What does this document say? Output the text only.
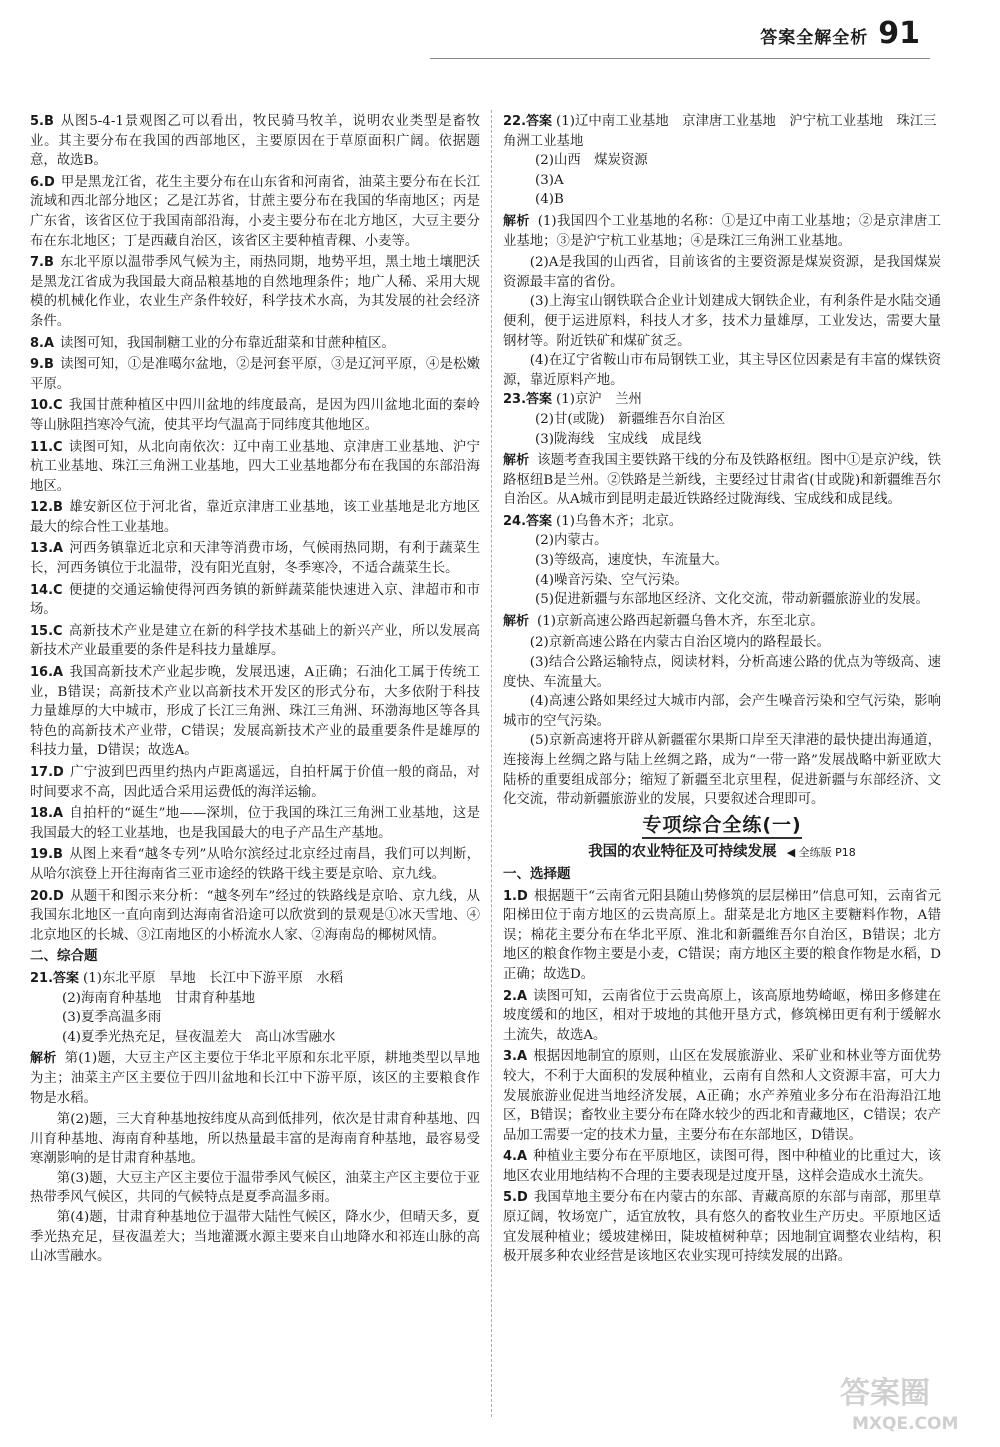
答案全解全析 91
5.B 从图5-4-1景观图乙可以看出，牧民骑马牧羊，说明农业类型是畜牧业。其主要分布在我国的西部地区，主要原因在于草原面积广阔。依据题意，故选B。
6.D 甲是黑龙江省，花生主要分布在山东省和河南省，油菜主要分布在长江流域和西北部分地区；乙是江苏省，甘蔗主要分布在我国的华南地区；丙是广东省，该省区位于我国南部沿海，小麦主要分布在北方地区，大豆主要分布在东北地区；丁是西藏自治区，该省区主要种植青稞、小麦等。
7.B 东北平原以温带季风气候为主，雨热同期，地势平坦，黑土地土壤肥沃是黑龙江省成为我国最大商品粮基地的自然地理条件；地广人稀、采用大规模的机械化作业，农业生产条件较好，科学技术水高，为其发展的社会经济条件。
8.A 读图可知，我国制糖工业的分布靠近甜菜和甘蔗种植区。
9.B 读图可知，①是准噶尔盆地，②是河套平原，③是辽河平原，④是松嫩平原。
10.C 我国甘蔗种植区中四川盆地的纬度最高，是因为四川盆地北面的秦岭等山脉阻挡寒冷气流，使其平均气温高于同纬度其他地区。
11.C 读图可知，从北向南依次：辽中南工业基地、京津唐工业基地、沪宁杭工业基地、珠江三角洲工业基地，四大工业基地都分布在我国的东部沿海地区。
12.B 雄安新区位于河北省，靠近京津唐工业基地，该工业基地是北方地区最大的综合性工业基地。
13.A 河西务镇靠近北京和天津等消费市场，气候雨热同期，有利于蔬菜生长，河西务镇位于北温带，没有阳光直射，冬季寒冷，不适合蔬菜生长。
14.C 便捷的交通运输使得河西务镇的新鲜蔬菜能快速进入京、津超市和市场。
15.C 高新技术产业是建立在新的科学技术基础上的新兴产业，所以发展高新技术产业最重要的条件是科技力量雄厚。
16.A 我国高新技术产业起步晚，发展迅速，A正确；石油化工属于传统工业，B错误；高新技术产业以高新技术开发区的形式分布，大多依附于科技力量雄厚的大中城市，形成了长江三角洲、珠江三角洲、环渤海地区等各具特色的高新技术产业带，C错误；发展高新技术产业的最重要条件是雄厚的科技力量，D错误；故选A。
17.D 广宁波到巴西里约热内卢距离遥远，自拍杆属于价值一般的商品，对时间要求不高，因此适合采用运费低的海洋运输。
18.A 自拍杆的“诞生”地——深圳，位于我国的珠江三角洲工业基地，这是我国最大的轻工业基地，也是我国最大的电子产品生产基地。
19.B 从图上来看“越冬专列”从哈尔滨经过北京经过南昌，我们可以判断，从哈尔滨登上开往海南省三亚市途经的铁路干线主要是京哈、京九线。
20.D 从题干和图示来分析：“越冬列车”经过的铁路线是京哈、京九线，从我国东北地区一直向南到达海南省沿途可以欣赏到的景观是①冰天雪地、④北京地区的长城、③江南地区的小桥流水人家、②海南岛的椰树风情。
二、综合题
21.答案 (1)东北平原　旱地　长江中下游平原　水稻
(2)海南育种基地　甘肃育种基地
(3)夏季高温多雨
(4)夏季光热充足，昼夜温差大　高山冰雪融水
解析 第(1)题，大豆主产区主要位于华北平原和东北平原，耕地类型以旱地为主；油菜主产区主要位于四川盆地和长江中下游平原，该区的主要粮食作物是水稻。
第(2)题，三大育种基地按纬度从高到低排列，依次是甘肃育种基地、四川育种基地、海南育种基地，所以热量最丰富的是海南育种基地，最容易受寒潮影响的是甘肃育种基地。
第(3)题，大豆主产区主要位于温带季风气候区，油菜主产区主要位于亚热带季风气候区，共同的气候特点是夏季高温多雨。
第(4)题，甘肃育种基地位于温带大陆性气候区，降水少，但晴天多，夏季光热充足，昼夜温差大；当地灌溉水源主要来自山地降水和祁连山脉的高山冰雪融水。
22.答案 (1)辽中南工业基地　京津唐工业基地　沪宁杭工业基地　珠江三角洲工业基地
(2)山西　煤炭资源
(3)A
(4)B
解析 (1)我国四个工业基地的名称：①是辽中南工业基地；②是京津唐工业基地；③是沪宁杭工业基地；④是珠江三角洲工业基地。
(2)A是我国的山西省，目前该省的主要资源是煤炭资源，是我国煤炭资源最丰富的省份。
(3)上海宝山钢铁联合企业计划建成大钢铁企业，有利条件是水陆交通便利，便于运进原料，科技人才多，技术力量雄厚，工业发达，需要大量钢材等。附近铁矿和煤矿贫乏。
(4)在辽宁省鞍山市布局钢铁工业，其主导区位因素是有丰富的煤铁资源，靠近原料产地。
23.答案 (1)京沪　兰州
(2)甘(或陇)　新疆维吾尔自治区
(3)陇海线　宝成线　成昆线
解析 该题考查我国主要铁路干线的分布及铁路枢纽。图中①是京沪线，铁路枢纽B是兰州。②铁路是兰新线，主要经过甘肃省(甘或陇)和新疆维吾尔自治区。从A城市到昆明走最近铁路经过陇海线、宝成线和成昆线。
24.答案 (1)乌鲁木齐；北京。
(2)内蒙古。
(3)等级高，速度快，车流量大。
(4)噪音污染、空气污染。
(5)促进新疆与东部地区经济、文化交流，带动新疆旅游业的发展。
解析 (1)京新高速公路西起新疆乌鲁木齐，东至北京。
(2)京新高速公路在内蒙古自治区境内的路程最长。
(3)结合公路运输特点，阅读材料，分析高速公路的优点为等级高、速度快、车流量大。
(4)高速公路如果经过大城市内部，会产生噪音污染和空气污染，影响城市的空气污染。
(5)京新高速将开辟从新疆霍尔果斯口岸至天津港的最快捷出海通道，连接海上丝绸之路与陆上丝绸之路，成为“一带一路”发展战略中新亚欧大陆桥的重要组成部分；缩短了新疆至北京里程，促进新疆与东部经济、文化交流，带动新疆旅游业的发展，只要叙述合理即可。
专项综合全练(一)
我国的农业特征及可持续发展 ◀ 全练版 P18
一、选择题
1.D 根据题干“云南省元阳县随山势修筑的层层梯田”信息可知，云南省元阳梯田位于南方地区的云贵高原上。甜菜是北方地区主要糖料作物，A错误；棉花主要分布在华北平原、淮北和新疆维吾尔自治区，B错误；北方地区的粮食作物主要是小麦，C错误；南方地区主要的粮食作物是水稻，D正确；故选D。
2.A 读图可知，云南省位于云贵高原上，该高原地势崎岖，梯田多修建在坡度缓和的地区，相对于坡地的其他开垦方式，修筑梯田更有利于缓解水土流失，故选A。
3.A 根据因地制宜的原则，山区在发展旅游业、采矿业和林业等方面优势较大，不利于大面积的发展种植业，云南有自然和人文资源丰富，可大力发展旅游业促进当地经济发展，A正确；水产养殖业多分布在沿海沿江地区，B错误；畜牧业主要分布在降水较少的西北和青藏地区，C错误；农产品加工需要一定的技术力量，主要分布在东部地区，D错误。
4.A 种植业主要分布在平原地区，读图可得，图中种植业的比重过大，该地区农业用地结构不合理的主要表现是过度开垦，这样会造成水土流失。
5.D 我国草地主要分布在内蒙古的东部、青藏高原的东部与南部，那里草原辽阔，牧场宽广，适宜放牧，具有悠久的畜牧业生产历史。平原地区适宜发展种植业；缓坡建梯田，陡坡植树种草；因地制宜调整农业结构，积极开展多种农业经营是该地区农业实现可持续发展的出路。
答案圈
MXQE.COM
